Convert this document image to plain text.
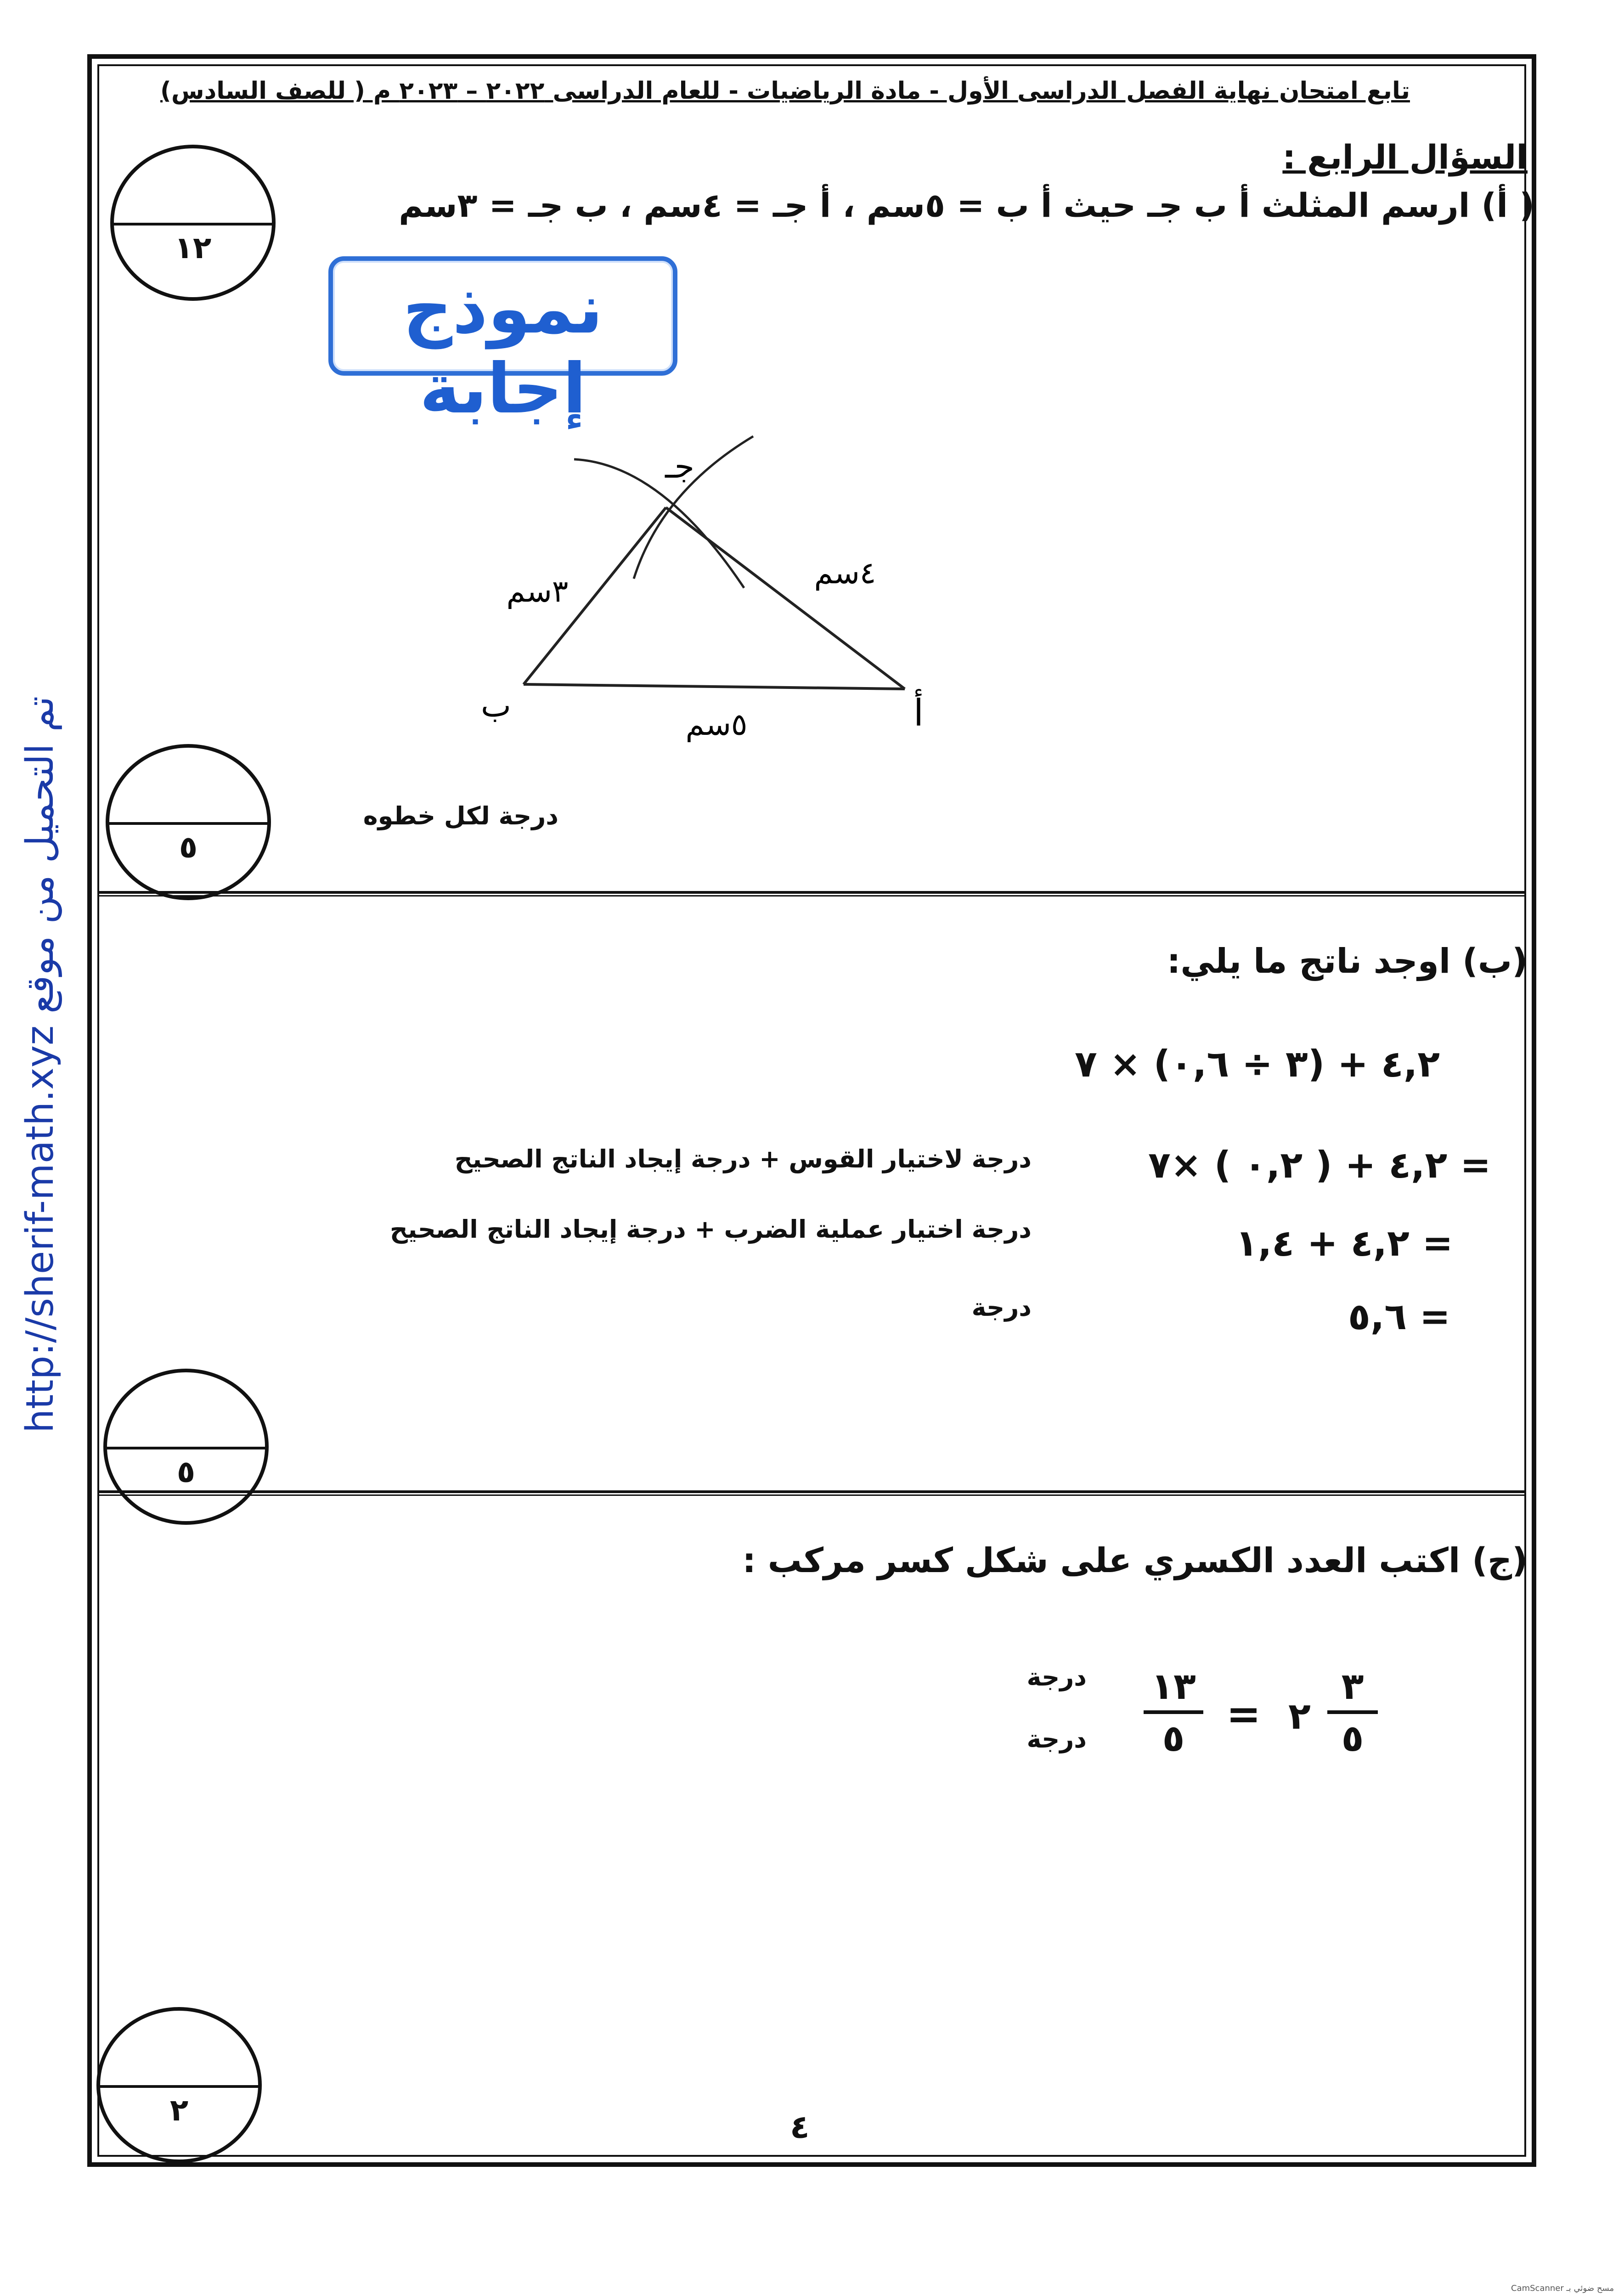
تابع امتحان نهاية الفصل الدراسى الأول - مادة الرياضيات - للعام الدراسى ٢٠٢٢ – ٢٠٢٣ م ( للصف السادس)
السؤال الرابع :
( أ) ارسم المثلث أ ب جـ حيث أ ب = ٥سم ، أ جـ = ٤سم ، ب جـ = ٣سم
١٢
نموذج إجابة
جـ
ب	أ
٣سم
٤سم
٥سم
٥
درجة لكل خطوه
(ب) اوجد ناتج ما يلي:
٤,٢ + (٣ ÷ ٠,٦) × ٧
٤,٢ + ( ٠,٢ ) ×٧ =
درجة لاختيار القوس + درجة إيجاد الناتج الصحيح
٤,٢ + ١,٤ =
درجة اختيار عملية الضرب + درجة إيجاد الناتج الصحيح
٥,٦ =
درجة
٥
(ج) اكتب العدد الكسري على شكل كسر مركب :
١٣
٥	= ٢
٣
٥
درجة
درجة
٢	٤
http://sherif-math.xyz تم التحميل من موقع
CamScanner مسح ضوئي بـ
